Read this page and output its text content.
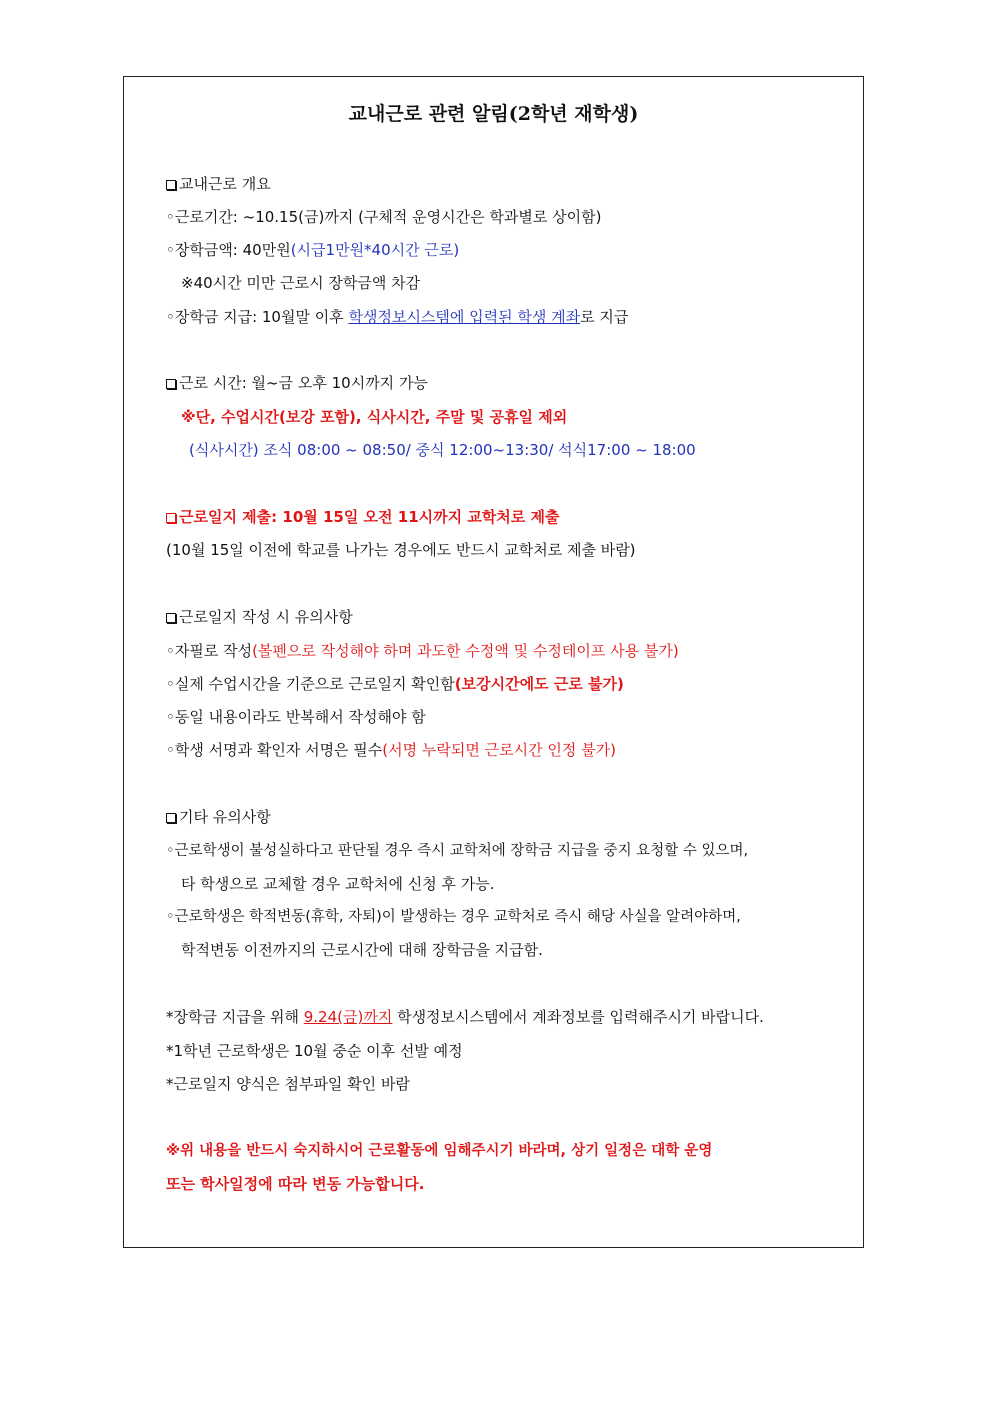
교내근로 관련 알림(2학년 재학생)
교내근로 개요
◦근로기간: ~10.15(금)까지 (구체적 운영시간은 학과별로 상이함)
◦장학금액: 40만원(시급1만원*40시간 근로)
※40시간 미만 근로시 장학금액 차감
◦장학금 지급: 10월말 이후 학생정보시스템에 입력된 학생 계좌로 지급
근로 시간: 월~금 오후 10시까지 가능
※단, 수업시간(보강 포함), 식사시간, 주말 및 공휴일 제외
(식사시간) 조식 08:00 ~ 08:50/ 중식 12:00~13:30/ 석식17:00 ~ 18:00
근로일지 제출: 10월 15일 오전 11시까지 교학처로 제출
(10월 15일 이전에 학교를 나가는 경우에도 반드시 교학처로 제출 바람)
근로일지 작성 시 유의사항
◦자필로 작성(볼펜으로 작성해야 하며 과도한 수정액 및 수정테이프 사용 불가)
◦실제 수업시간을 기준으로 근로일지 확인함(보강시간에도 근로 불가)
◦동일 내용이라도 반복해서 작성해야 함
◦학생 서명과 확인자 서명은 필수(서명 누락되면 근로시간 인정 불가)
기타 유의사항
◦근로학생이 불성실하다고 판단될 경우 즉시 교학처에 장학금 지급을 중지 요청할 수 있으며,
타 학생으로 교체할 경우 교학처에 신청 후 가능.
◦근로학생은 학적변동(휴학, 자퇴)이 발생하는 경우 교학처로 즉시 해당 사실을 알려야하며,
학적변동 이전까지의 근로시간에 대해 장학금을 지급함.
*장학금 지급을 위해 9.24(금)까지 학생정보시스템에서 계좌정보를 입력해주시기 바랍니다.
*1학년 근로학생은 10월 중순 이후 선발 예정
*근로일지 양식은 첨부파일 확인 바람
※위 내용을 반드시 숙지하시어 근로활동에 임해주시기 바라며, 상기 일정은 대학 운영
또는 학사일정에 따라 변동 가능합니다.
